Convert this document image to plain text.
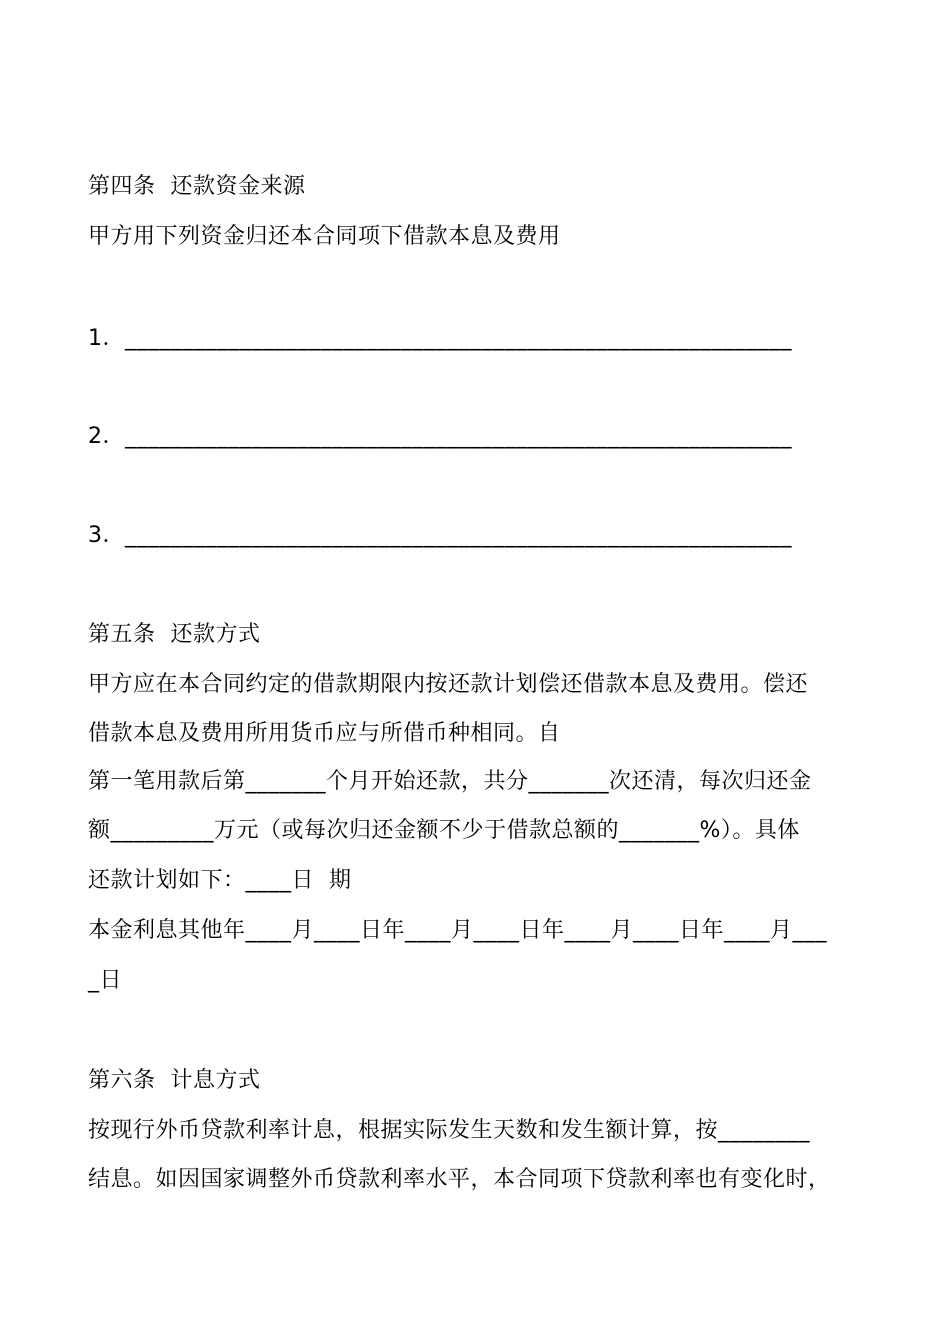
第四条  还款资金来源
甲方用下列资金归还本合同项下借款本息及费用
1．__________________________________________________________
2．__________________________________________________________
3．__________________________________________________________
第五条  还款方式
甲方应在本合同约定的借款期限内按还款计划偿还借款本息及费用。偿还
借款本息及费用所用货币应与所借币种相同。自
第一笔用款后第_______个月开始还款，共分_______次还清，每次归还金
额_________万元（或每次归还金额不少于借款总额的_______%）。具体
还款计划如下：____日  期
本金利息其他年____月____日年____月____日年____月____日年____月___
_日
第六条  计息方式
按现行外币贷款利率计息，根据实际发生天数和发生额计算，按________
结息。如因国家调整外币贷款利率水平，本合同项下贷款利率也有变化时，
